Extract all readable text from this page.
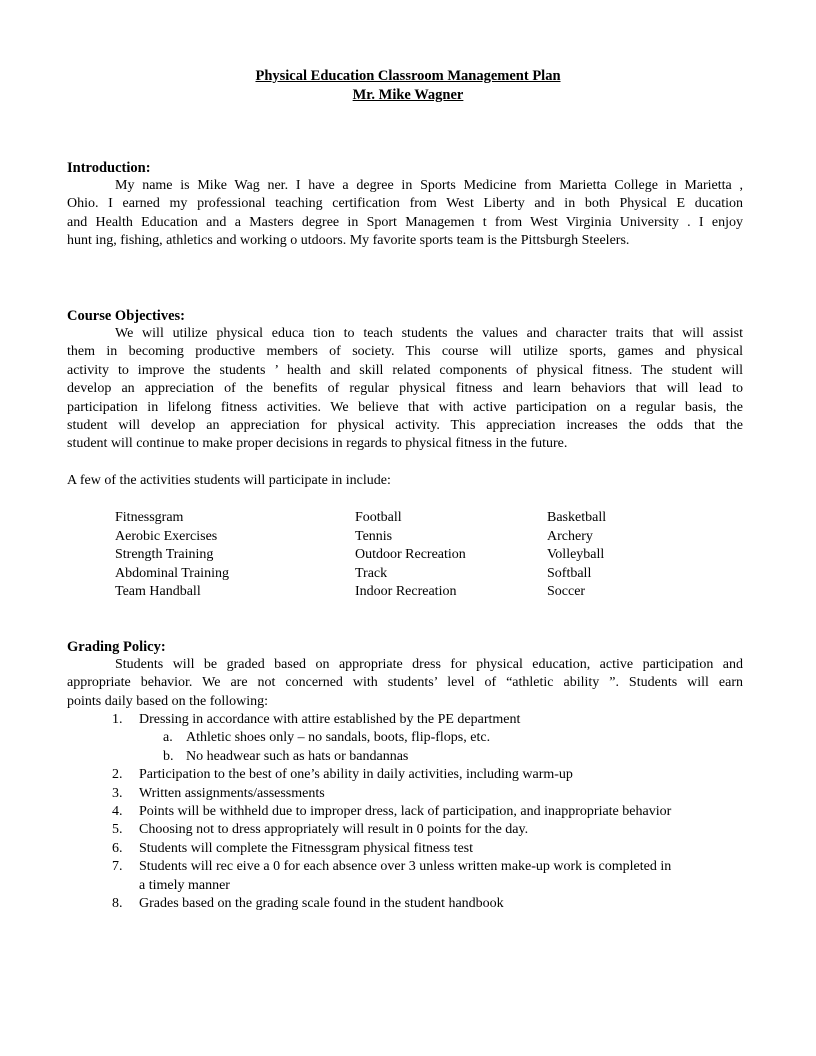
Physical Education Classroom Management Plan
Mr. Mike Wagner
Introduction:
My name is Mike Wag ner. I have a degree in Sports Medicine from Marietta College in Marietta ,
Ohio. I earned my professional teaching certification from West Liberty and in both Physical E ducation
and Health Education and a Masters degree in Sport Managemen t from West Virginia University . I enjoy
hunt ing, fishing, athletics and working o utdoors. My favorite sports team is the Pittsburgh Steelers.
Course Objectives:
We will utilize physical educa tion to teach students the values and character traits that will assist
them in becoming productive members of society. This course will utilize sports, games and physical
activity to improve the students ’ health and skill related components of physical fitness. The student will
develop an appreciation of the benefits of regular physical fitness and learn behaviors that will lead to
participation in lifelong fitness activities. We believe that with active participation on a regular basis, the
student will develop an appreciation for physical activity. This appreciation increases the odds that the
student will continue to make proper decisions in regards to physical fitness in the future.
A few of the activities students will participate in include:
Fitnessgram
Aerobic Exercises
Strength Training
Abdominal Training
Team Handball
Football
Tennis
Outdoor Recreation
Track
Indoor Recreation
Basketball
Archery
Volleyball
Softball
Soccer
Grading Policy:
Students will be graded based on appropriate dress for physical education, active participation and
appropriate behavior. We are not concerned with students’ level of “athletic ability ”. Students will earn
points daily based on the following:
1. Dressing in accordance with attire established by the PE department
a. Athletic shoes only – no sandals, boots, flip-flops, etc.
b. No headwear such as hats or bandannas
2. Participation to the best of one’s ability in daily activities, including warm-up
3. Written assignments/assessments
4. Points will be withheld due to improper dress, lack of participation, and inappropriate behavior
5. Choosing not to dress appropriately will result in 0 points for the day.
6. Students will complete the Fitnessgram physical fitness test
7. Students will rec eive a 0 for each absence over 3 unless written make-up work is completed in
a timely manner
8. Grades based on the grading scale found in the student handbook
